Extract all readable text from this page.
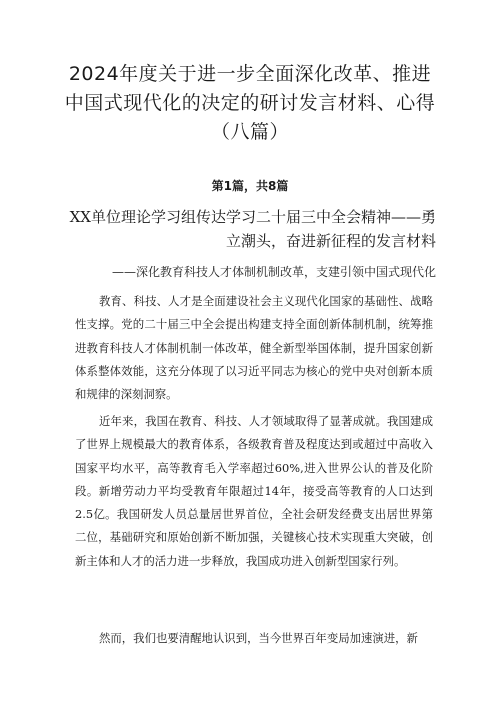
2024年度关于进一步全面深化改革、推进中国式现代化的决定的研讨发言材料、心得（八篇）
第1篇，共8篇
XX单位理论学习组传达学习二十届三中全会精神——勇立潮头，奋进新征程的发言材料
——深化教育科技人才体制机制改革，支建引领中国式现代化

教育、科技、人才是全面建设社会主义现代化国家的基础性、战略性支撑。党的二十届三中全会提出构建支持全面创新体制机制，统筹推进教育科技人才体制机制一体改革，健全新型举国体制，提升国家创新体系整体效能，这充分体现了以习近平同志为核心的党中央对创新本质和规律的深刻洞察。

近年来，我国在教育、科技、人才领域取得了显著成就。我国建成了世界上规模最大的教育体系，各级教育普及程度达到或超过中高收入国家平均水平，高等教育毛入学率超过60%,进入世界公认的普及化阶段。新增劳动力平均受教育年限超过14年，接受高等教育的人口达到2.5亿。我国研发人员总量居世界首位，全社会研发经费支出居世界第二位，基础研究和原始创新不断加强，关键核心技术实现重大突破，创新主体和人才的活力进一步释放，我国成功进入创新型国家行列。

然而，我们也要清醒地认识到，当今世界百年变局加速演进，新
